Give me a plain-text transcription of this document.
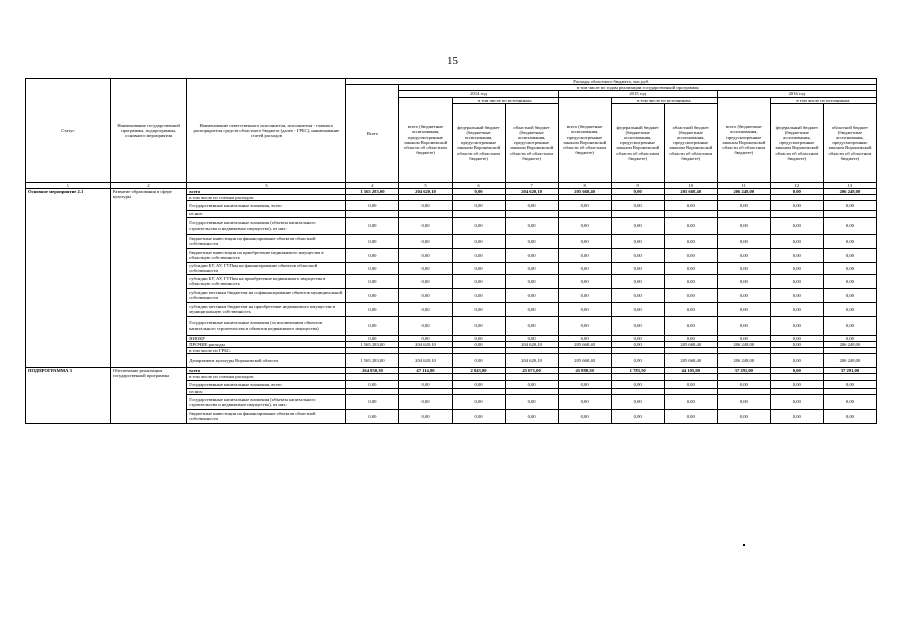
15
Статус	Наименование государственной программы, подпрограммы, основного мероприятия	Наименование ответственного исполнителя, исполнителя - главного распорядителя средств областного бюджета (далее - ГРБС), наименование статей расходов	Расходы областного бюджета, тыс.руб.									
			Всего	в том числе по годам реализации государственной программы								
				2014 год			2015 год			2016 год		
				всего (бюджетные ассигнования, предусмотренные законом Воронежской области об областном бюджете)	в том числе по источникам:		всего (бюджетные ассигнования, предусмотренные законом Воронежской области об областном бюджете)	в том числе по источникам:		всего (бюджетные ассигнования, предусмотренные законом Воронежской области об областном бюджете)	в том числе по источникам:	
					федеральный бюджет (бюджетные ассигнования, предусмотренные законом Воронежской области об областном бюджете)	областной бюджет (бюджетные ассигнования, предусмотренные законом Воронежской области об областном бюджете)		федеральный бюджет (бюджетные ассигнования, предусмотренные законом Воронежской области об областном бюджете)	областной бюджет (бюджетные ассигнования, предусмотренные законом Воронежской области об областном бюджете)		федеральный бюджет (бюджетные ассигнования, предусмотренные законом Воронежской области об областном бюджете)	областной бюджет (бюджетные ассигнования, предусмотренные законом Воронежской области об областном бюджете)
1	2	3	4	5	6	7	8	9	10	11	12	13
Основное мероприятие 2.1	Развитие образования в сфере культуры	всего	1 565 283,00	204 620,10	0,00	204 620,10	205 668,40	0,00	205 668,40	206 248,00	0,00	206 248,00
		в том числе по статьям расходов:										
		Государственные капитальные вложения, всего	0,00	0,00	0,00	0,00	0,00	0,00	0,00	0,00	0,00	0,00
		из них:										
		Государственные капитальные вложения (объекты капитального строительства и недвижимое имущество), из них:	0,00	0,00	0,00	0,00	0,00	0,00	0,00	0,00	0,00	0,00
		бюджетные инвестиции на финансирование объектов областной собственности	0,00	0,00	0,00	0,00	0,00	0,00	0,00	0,00	0,00	0,00
		бюджетные инвестиции на приобретение недвижимого имущества в областную собственность	0,00	0,00	0,00	0,00	0,00	0,00	0,00	0,00	0,00	0,00
		субсидии БУ, АУ, ГУПам на финансирование объектов областной собственности	0,00	0,00	0,00	0,00	0,00	0,00	0,00	0,00	0,00	0,00
		субсидии БУ, АУ, ГУПам на приобретение недвижимого имущества в областную собственность	0,00	0,00	0,00	0,00	0,00	0,00	0,00	0,00	0,00	0,00
		субсидии местным бюджетам на софинансирование объектов муниципальной собственности	0,00	0,00	0,00	0,00	0,00	0,00	0,00	0,00	0,00	0,00
		субсидии местным бюджетам на приобретение недвижимого имущества в муниципальную собственность	0,00	0,00	0,00	0,00	0,00	0,00	0,00	0,00	0,00	0,00
		Государственные капитальные вложения (за исключением объектов капитального строительства и объектов недвижимого имущества)	0,00	0,00	0,00	0,00	0,00	0,00	0,00	0,00	0,00	0,00
		НИОКР	0,00	0,00	0,00	0,00	0,00	0,00	0,00	0,00	0,00	0,00
		ПРОЧИЕ расходы	1 565 283,00	204 620,10	0,00	204 620,10	205 668,40	0,00	205 668,40	206 248,00	0,00	206 248,00
		в том числе по ГРБС:										
		Департамент культуры Воронежской области	1 565 283,00	204 620,10	0,00	204 620,10	205 668,40	0,00	205 668,40	206 248,00	0,00	206 248,00
ПОДПРОГРАММА 3	Обеспечение реализации государственной программы	всего	264 850,30	47 114,80	2 043,80	45 071,00	45 888,50	1 783,50	44 105,00	37 291,00	0,00	37 291,00
		в том числе по статьям расходов:										
		Государственные капитальные вложения, всего	0,00	0,00	0,00	0,00	0,00	0,00	0,00	0,00	0,00	0,00
		из них:										
		Государственные капитальные вложения (объекты капитального строительства и недвижимое имущество), из них:	0,00	0,00	0,00	0,00	0,00	0,00	0,00	0,00	0,00	0,00
		бюджетные инвестиции на финансирование объектов областной собственности	0,00	0,00	0,00	0,00	0,00	0,00	0,00	0,00	0,00	0,00
